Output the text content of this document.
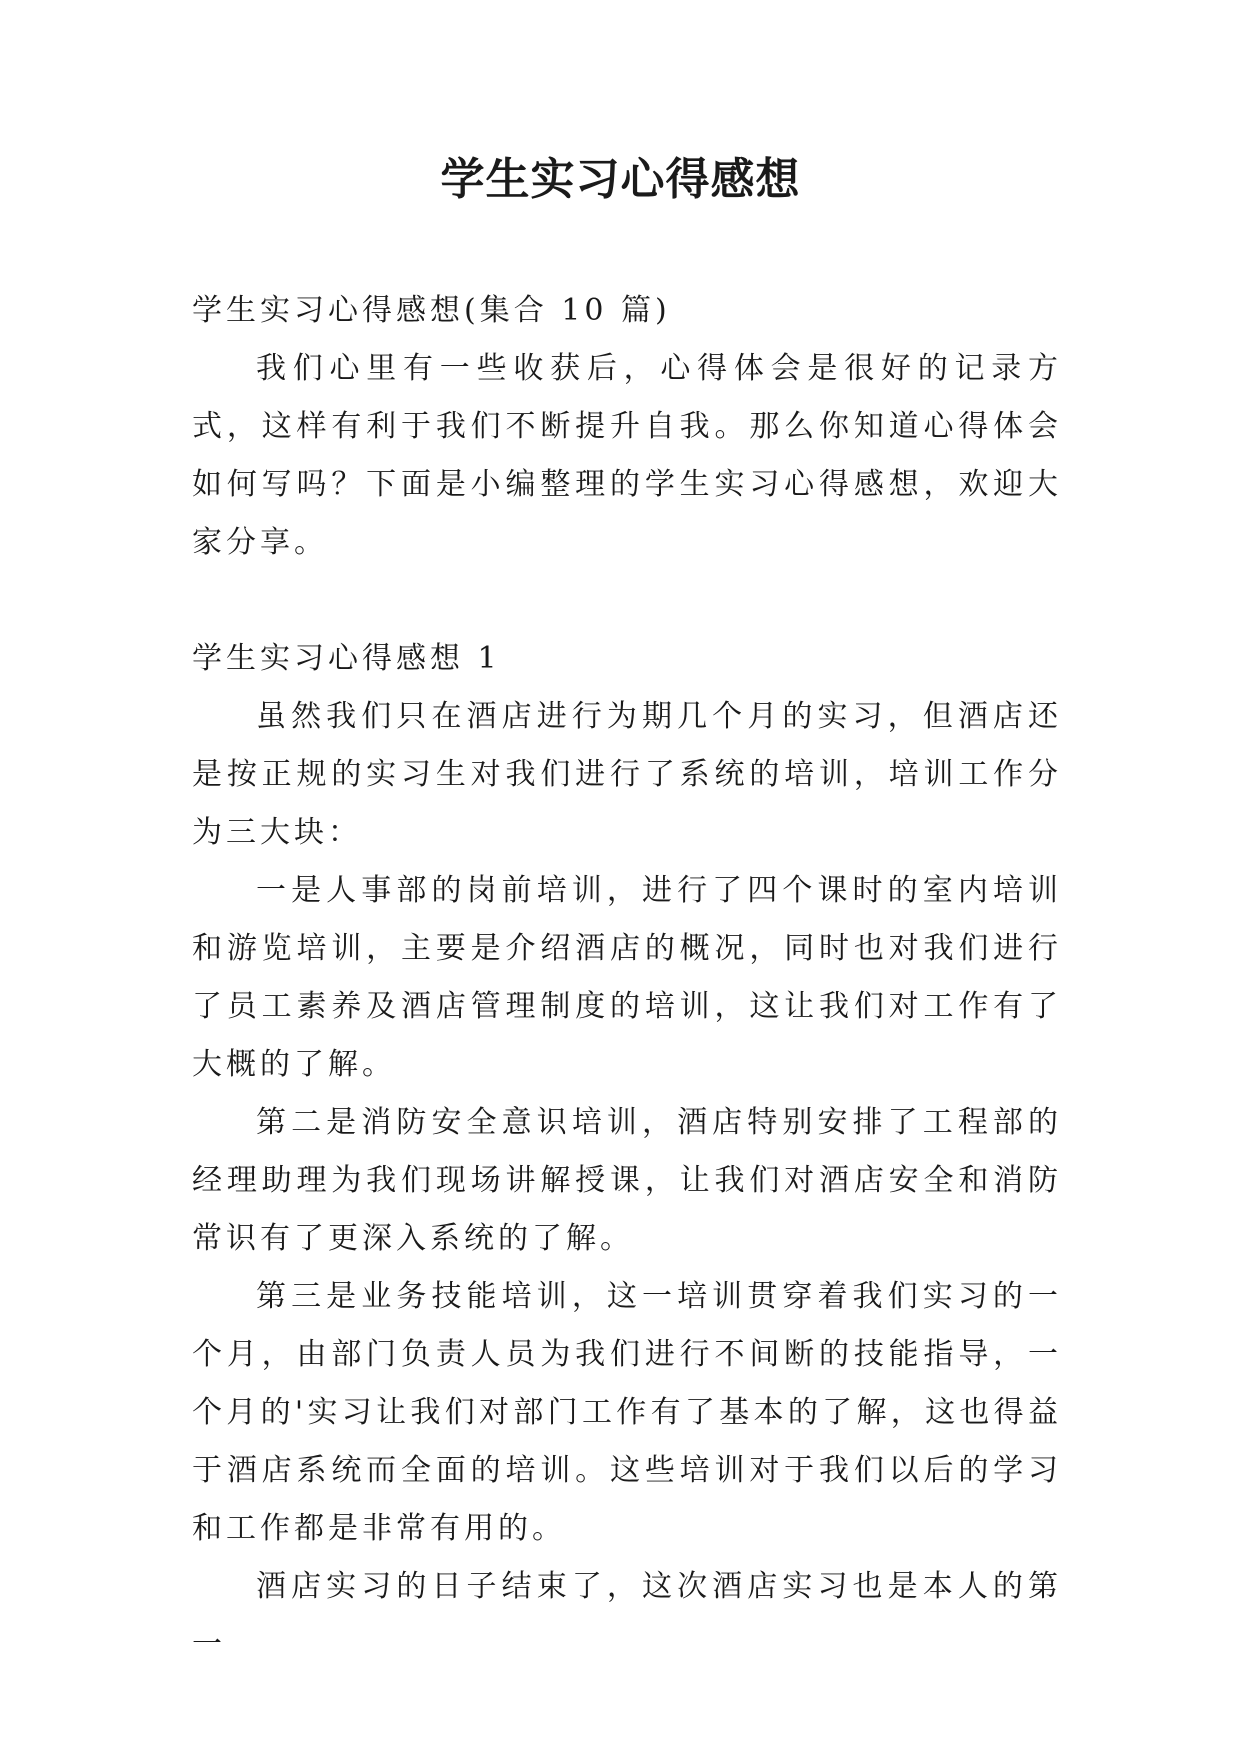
学生实习心得感想

学生实习心得感想(集合 10 篇)

我们心里有一些收获后，心得体会是很好的记录方式，这样有利于我们不断提升自我。那么你知道心得体会如何写吗？下面是小编整理的学生实习心得感想，欢迎大家分享。

学生实习心得感想 1

虽然我们只在酒店进行为期几个月的实习，但酒店还是按正规的实习生对我们进行了系统的培训，培训工作分为三大块：

一是人事部的岗前培训，进行了四个课时的室内培训和游览培训，主要是介绍酒店的概况，同时也对我们进行了员工素养及酒店管理制度的培训，这让我们对工作有了大概的了解。

第二是消防安全意识培训，酒店特别安排了工程部的经理助理为我们现场讲解授课，让我们对酒店安全和消防常识有了更深入系统的了解。

第三是业务技能培训，这一培训贯穿着我们实习的一个月，由部门负责人员为我们进行不间断的技能指导，一个月的'实习让我们对部门工作有了基本的了解，这也得益于酒店系统而全面的培训。这些培训对于我们以后的学习和工作都是非常有用的。

酒店实习的日子结束了，这次酒店实习也是本人的第一
